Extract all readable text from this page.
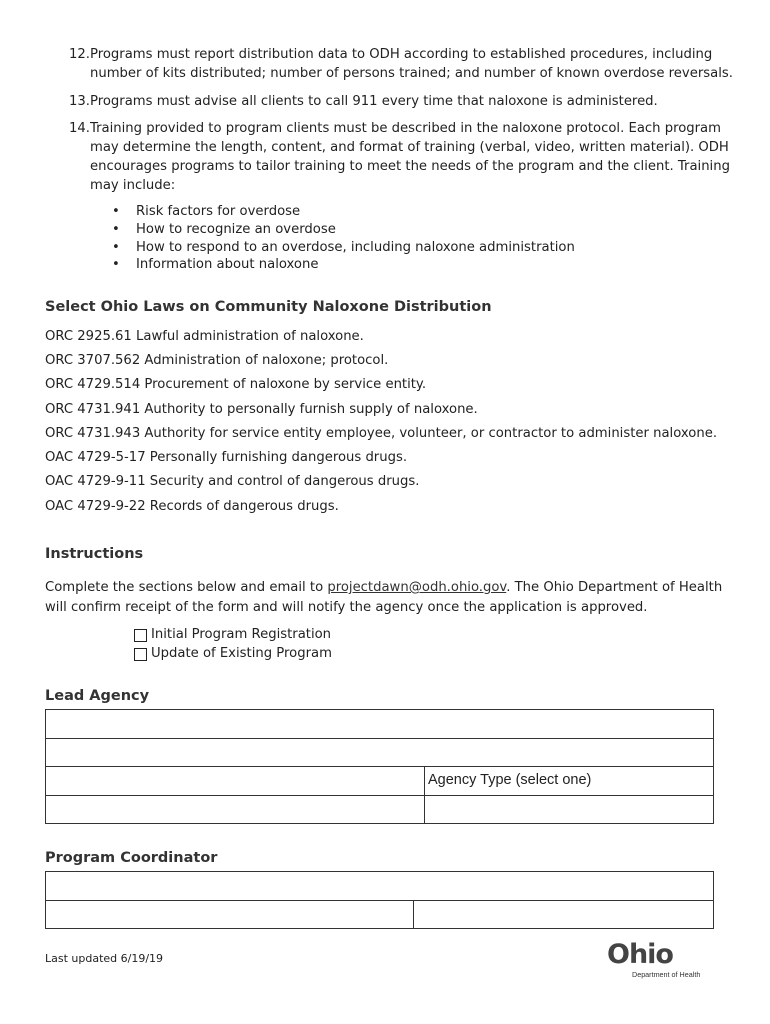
12. Programs must report distribution data to ODH according to established procedures, including number of kits distributed; number of persons trained; and number of known overdose reversals.
13. Programs must advise all clients to call 911 every time that naloxone is administered.
14. Training provided to program clients must be described in the naloxone protocol. Each program may determine the length, content, and format of training (verbal, video, written material). ODH encourages programs to tailor training to meet the needs of the program and the client. Training may include:
• Risk factors for overdose
• How to recognize an overdose
• How to respond to an overdose, including naloxone administration
• Information about naloxone
Select Ohio Laws on Community Naloxone Distribution
ORC 2925.61 Lawful administration of naloxone.
ORC 3707.562 Administration of naloxone; protocol.
ORC 4729.514 Procurement of naloxone by service entity.
ORC 4731.941 Authority to personally furnish supply of naloxone.
ORC 4731.943 Authority for service entity employee, volunteer, or contractor to administer naloxone.
OAC 4729-5-17 Personally furnishing dangerous drugs.
OAC 4729-9-11 Security and control of dangerous drugs.
OAC 4729-9-22 Records of dangerous drugs.
Instructions
Complete the sections below and email to projectdawn@odh.ohio.gov. The Ohio Department of Health will confirm receipt of the form and will notify the agency once the application is approved.
Initial Program Registration
Update of Existing Program
Lead Agency
Agency Type (select one)
Program Coordinator
Last updated 6/19/19	Ohio
Department of Health
